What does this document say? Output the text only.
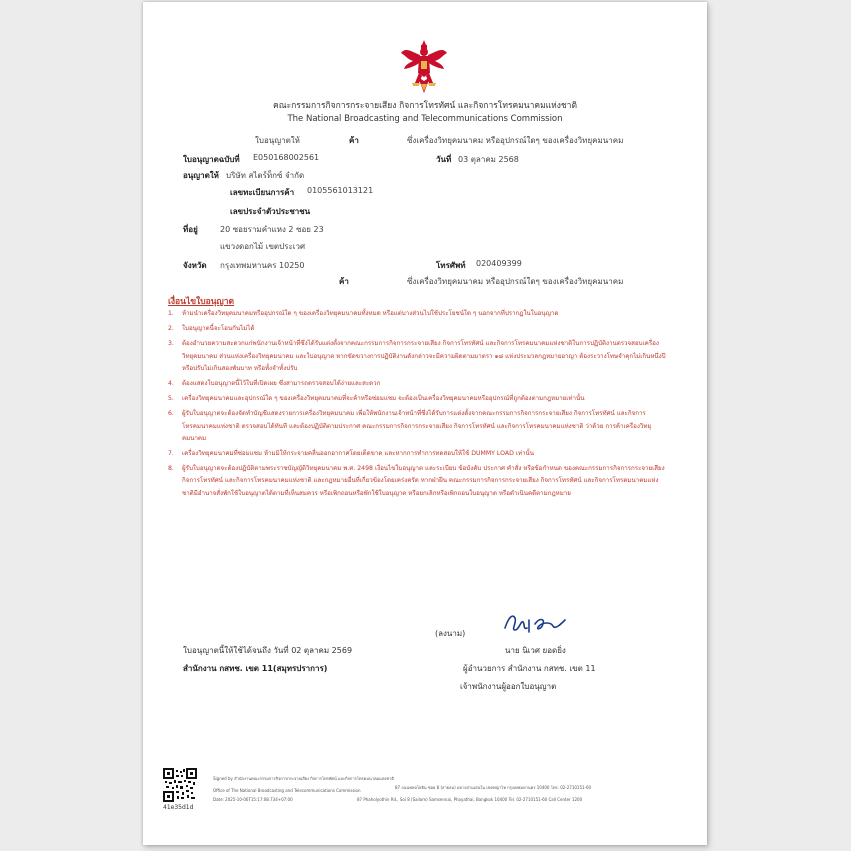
คณะกรรมการกิจการกระจายเสียง กิจการโทรทัศน์ และกิจการโทรคมนาคมแห่งชาติ
The National Broadcasting and Telecommunications Commission
ใบอนุญาตให้	ค้า	ซึ่งเครื่องวิทยุคมนาคม หรืออุปกรณ์ใดๆ ของเครื่องวิทยุคมนาคม
ใบอนุญาตฉบับที่ E050168002561	วันที่ 03 ตุลาคม 2568
อนุญาตให้ บริษัท สไตร์ท็กซ์ จำกัด
เลขทะเบียนการค้า 0105561013121
เลขประจำตัวประชาชน
ที่อยู่	20 ซอยรามคำแหง 2 ซอย 23
แขวงดอกไม้ เขตประเวศ
จังหวัด กรุงเทพมหานคร 10250	โทรศัพท์ 020409399
ค้า	ซึ่งเครื่องวิทยุคมนาคม หรืออุปกรณ์ใดๆ ของเครื่องวิทยุคมนาคม
เงื่อนไขใบอนุญาต
1.	ห้ามนำเครื่องวิทยุคมนาคมหรืออุปกรณ์ใด ๆ ของเครื่องวิทยุคมนาคมทั้งหมด หรือแต่บางส่วนไปใช้ประโยชน์ใด ๆ นอกจากที่ปรากฏในใบอนุญาต
2.	ใบอนุญาตนี้จะโอนกันไม่ได้
3.	ต้องอำนวยความสะดวกแก่พนักงานเจ้าหน้าที่ซึ่งได้รับแต่งตั้งจากคณะกรรมการกิจการกระจายเสียง กิจการโทรทัศน์ และกิจการโทรคมนาคมแห่งชาติในการปฏิบัติงานตรวจสอบเครื่องวิทยุคมนาคม ส่วนแห่งเครื่องวิทยุคมนาคม และใบอนุญาต หากขัดขวางการปฏิบัติงานดังกล่าวจะมีความผิดตามมาตรา ๑๘ แห่งประมวลกฎหมายอาญา ต้องระวางโทษจำคุกไม่เกินหนึ่งปี หรือปรับไม่เกินสองพันบาท หรือทั้งจำทั้งปรับ
4.	ต้องแสดงใบอนุญาตนี้ไว้ในที่เปิดเผย ซึ่งสามารถตรวจสอบได้ง่ายและสะดวก
5.	เครื่องวิทยุคมนาคมและอุปกรณ์ใด ๆ ของเครื่องวิทยุคมนาคมที่จะค้าหรือซ่อมแซม จะต้องเป็นเครื่องวิทยุคมนาคมหรืออุปกรณ์ที่ถูกต้องตามกฎหมายเท่านั้น
6.	ผู้รับใบอนุญาตจะต้องจัดทำบัญชีแสดงรายการเครื่องวิทยุคมนาคม เพื่อให้พนักงานเจ้าหน้าที่ซึ่งได้รับการแต่งตั้งจากคณะกรรมการกิจการกระจายเสียง กิจการโทรทัศน์ และกิจการโทรคมนาคมแห่งชาติ ตรวจสอบได้ทันที และต้องปฏิบัติตามประกาศ คณะกรรมการกิจการกระจายเสียง กิจการโทรทัศน์ และกิจการโทรคมนาคมแห่งชาติ ว่าด้วย การค้าเครื่องวิทยุคมนาคม
7.	เครื่องวิทยุคมนาคมที่ซ่อมแซม ห้ามมิให้กระจายคลื่นออกอากาศโดยเด็ดขาด และหากการทำการทดสอบให้ใช้ DUMMY LOAD เท่านั้น
8.	ผู้รับใบอนุญาตจะต้องปฏิบัติตามพระราชบัญญัติวิทยุคมนาคม พ.ศ. 2498 เงื่อนไขใบอนุญาต และระเบียบ ข้อบังคับ ประกาศ คำสั่ง หรือข้อกำหนด ของคณะกรรมการกิจการกระจายเสียง กิจการโทรทัศน์ และกิจการโทรคมนาคมแห่งชาติ และกฎหมายอื่นที่เกี่ยวข้องโดยเคร่งครัด หากฝ่าฝืน คณะกรรมการกิจการกระจายเสียง กิจการโทรทัศน์ และกิจการโทรคมนาคมแห่งชาติมีอำนาจสั่งพักใช้ใบอนุญาตได้ตามที่เห็นสมควร หรือเพิกถอนหรือพักใช้ใบอนุญาต หรือยกเลิกหรือเพิกถอนใบอนุญาต หรือดำเนินคดีตามกฎหมาย
ใบอนุญาตนี้ให้ใช้ได้จนถึง วันที่ 02 ตุลาคม 2569
สำนักงาน กสทช. เขต 11(สมุทรปราการ)
(ลงนาม)
นาย นิเวศ ยอดยิ่ง
ผู้อำนวยการ สำนักงาน กสทช. เขต 11
เจ้าพนักงานผู้ออกใบอนุญาต
41e35d1d
Signed by สำนักงานคณะกรรมการกิจการกระจายเสียง กิจการโทรทัศน์ และกิจการโทรคมนาคมแห่งชาติ
Office of The National Broadcasting and Telecommunications Commission
Date: 2025-10-06T15:17:08.734+07:00
87 ถนนพหลโยธิน ซอย 8 (สายลม) แขวงสามเสนใน เขตพญาไท กรุงเทพมหานคร 10400 โทร. 02-2710151-60
87 Phaholyothin Rd., Soi 8 (Sailom) Samsennai, Phayathai, Bangkok 10400 Tel. 02-2710151-60 Call Center 1200
